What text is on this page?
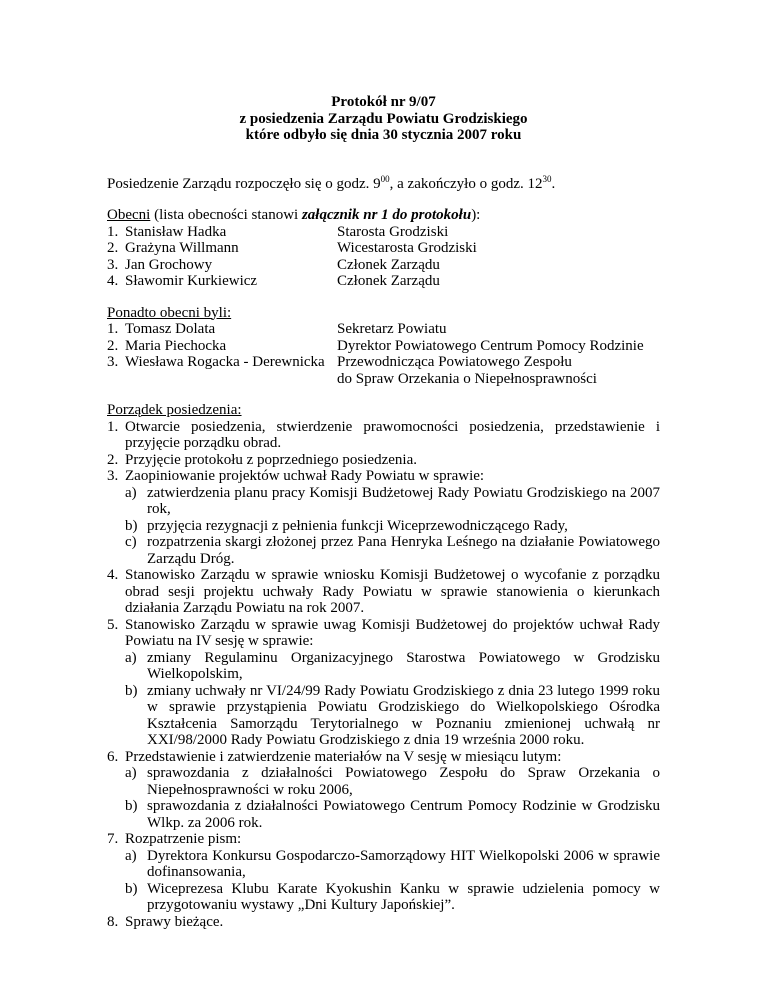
Protokół nr 9/07

z posiedzenia Zarządu Powiatu Grodziskiego

które odbyło się dnia 30 stycznia 2007 roku

Posiedzenie Zarządu rozpoczęło się o godz. $9^{00}$, a zakończyło o godz. $12^{30}$.

Obecni (lista obecności stanowi załącznik nr 1 do protokołu):

1. Stanisław Hadka	Starosta Grodziski
2. Grażyna Willmann	Wicestarosta Grodziski
3. Jan Grochowy	Członek Zarządu
4. Sławomir Kurkiewicz	Członek Zarządu

Ponadto obecni byli:

1. Tomasz Dolata	Sekretarz Powiatu
2. Maria Piechocka	Dyrektor Powiatowego Centrum Pomocy Rodzinie
3. Wiesława Rogacka - Derewnicka Przewodnicząca Powiatowego Zespołu
do Spraw Orzekania o Niepełnosprawności

Porządek posiedzenia:

1. Otwarcie posiedzenia, stwierdzenie prawomocności posiedzenia, przedstawienie i przyjęcie porządku obrad.
2. Przyjęcie protokołu z poprzedniego posiedzenia.
3. Zaopiniowanie projektów uchwał Rady Powiatu w sprawie:
a) zatwierdzenia planu pracy Komisji Budżetowej Rady Powiatu Grodziskiego na 2007 rok,
b) przyjęcia rezygnacji z pełnienia funkcji Wiceprzewodniczącego Rady,
c) rozpatrzenia skargi złożonej przez Pana Henryka Leśnego na działanie Powiatowego Zarządu Dróg.
4. Stanowisko Zarządu w sprawie wniosku Komisji Budżetowej o wycofanie z porządku obrad sesji projektu uchwały Rady Powiatu w sprawie stanowienia o kierunkach działania Zarządu Powiatu na rok 2007.
5. Stanowisko Zarządu w sprawie uwag Komisji Budżetowej do projektów uchwał Rady Powiatu na IV sesję w sprawie:
a) zmiany Regulaminu Organizacyjnego Starostwa Powiatowego w Grodzisku Wielkopolskim,
b) zmiany uchwały nr VI/24/99 Rady Powiatu Grodziskiego z dnia 23 lutego 1999 roku w sprawie przystąpienia Powiatu Grodziskiego do Wielkopolskiego Ośrodka Kształcenia Samorządu Terytorialnego w Poznaniu zmienionej uchwałą nr XXI/98/2000 Rady Powiatu Grodziskiego z dnia 19 września 2000 roku.
6. Przedstawienie i zatwierdzenie materiałów na V sesję w miesiącu lutym:
a) sprawozdania z działalności Powiatowego Zespołu do Spraw Orzekania o Niepełnosprawności w roku 2006,
b) sprawozdania z działalności Powiatowego Centrum Pomocy Rodzinie w Grodzisku Wlkp. za 2006 rok.
7. Rozpatrzenie pism:
a) Dyrektora Konkursu Gospodarczo-Samorządowy HIT Wielkopolski 2006 w sprawie dofinansowania,
b) Wiceprezesa Klubu Karate Kyokushin Kanku w sprawie udzielenia pomocy w przygotowaniu wystawy „Dni Kultury Japońskiej”.
8. Sprawy bieżące.
